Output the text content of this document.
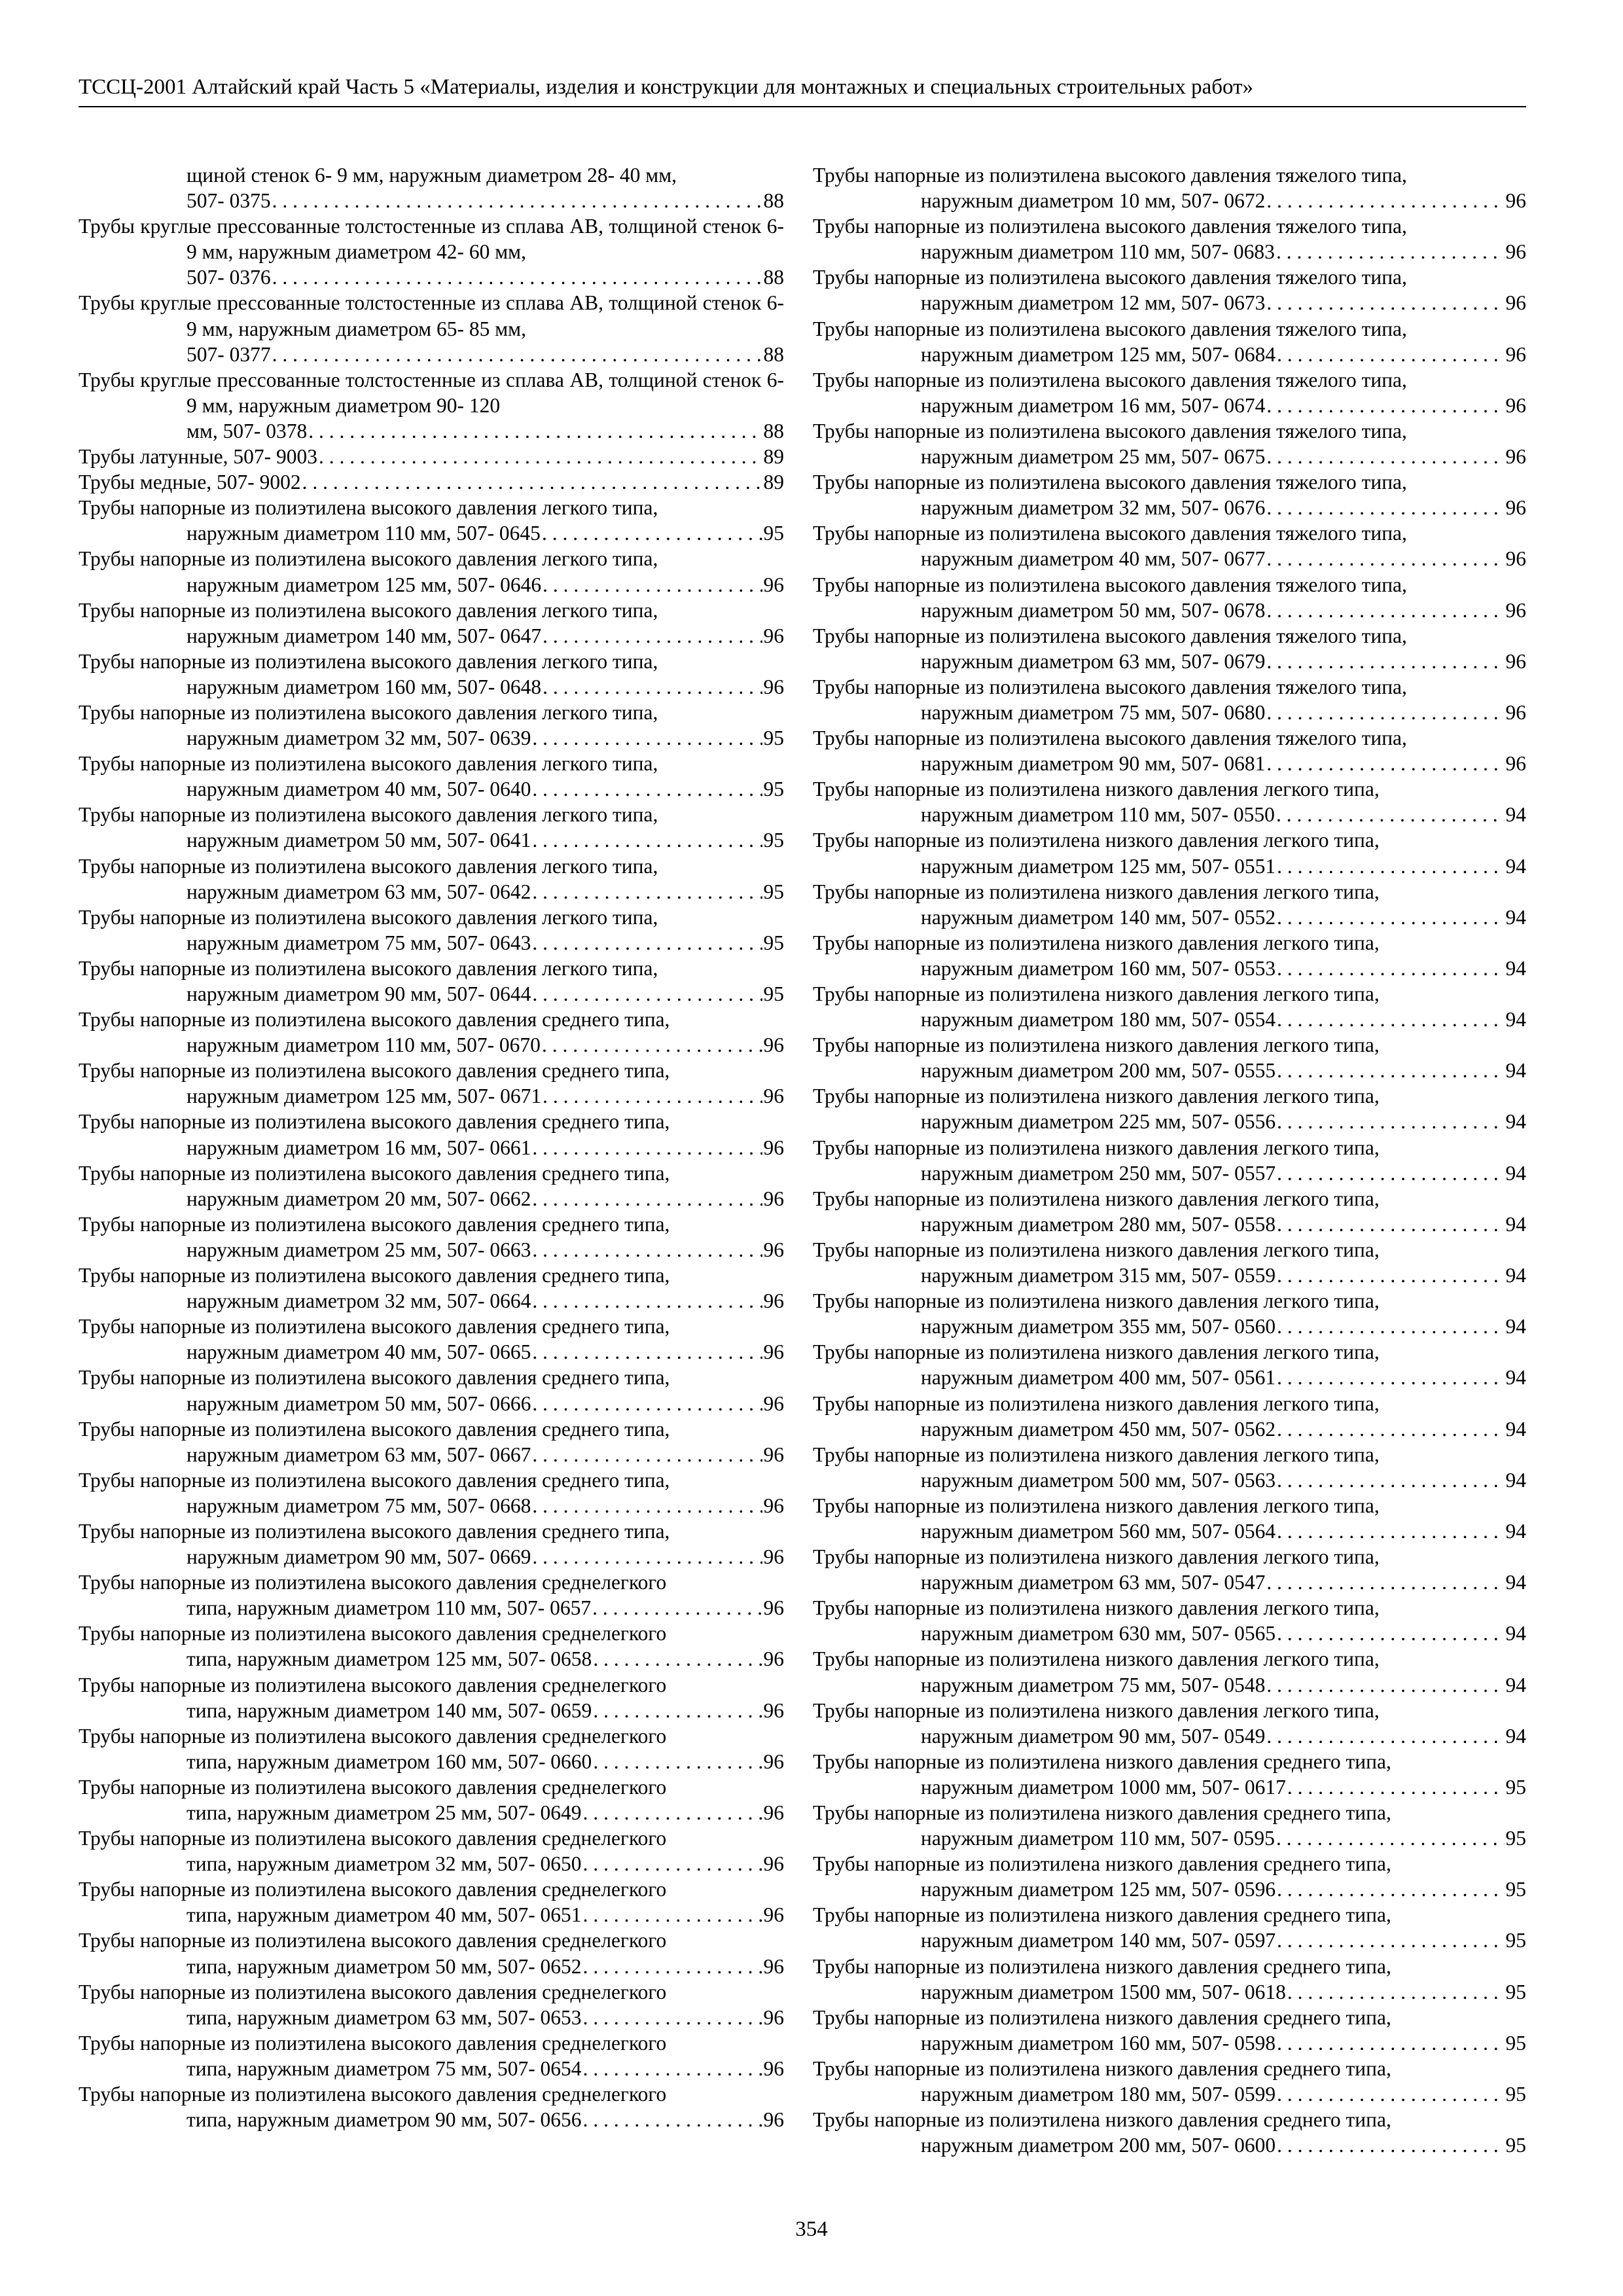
ТССЦ-2001 Алтайский край Часть 5 «Материалы, изделия и конструкции для монтажных и специальных строительных работ»
щиной стенок 6- 9 мм, наружным диаметром 28- 40 мм,
507- 0375 . . .	88
Трубы круглые прессованные толстостенные из сплава АВ, толщиной стенок 6- 9 мм, наружным диаметром 42- 60 мм,
507- 0376 . . .	88
Трубы круглые прессованные толстостенные из сплава АВ, толщиной стенок 6- 9 мм, наружным диаметром 65- 85 мм,
507- 0377 . . .	88
Трубы круглые прессованные толстостенные из сплава АВ, толщиной стенок 6- 9 мм, наружным диаметром 90- 120
мм, 507- 0378 . . .	88
Трубы латунные, 507- 9003 . . .	89
Трубы медные, 507- 9002 . . .	89
Трубы напорные из полиэтилена высокого давления легкого типа,
наружным диаметром 110 мм, 507- 0645 . . .	95
Трубы напорные из полиэтилена высокого давления легкого типа,
наружным диаметром 125 мм, 507- 0646 . . .	96
Трубы напорные из полиэтилена высокого давления легкого типа,
наружным диаметром 140 мм, 507- 0647 . . .	96
Трубы напорные из полиэтилена высокого давления легкого типа,
наружным диаметром 160 мм, 507- 0648 . . .	96
Трубы напорные из полиэтилена высокого давления легкого типа,
наружным диаметром 32 мм, 507- 0639 . . .	95
Трубы напорные из полиэтилена высокого давления легкого типа,
наружным диаметром 40 мм, 507- 0640 . . .	95
Трубы напорные из полиэтилена высокого давления легкого типа,
наружным диаметром 50 мм, 507- 0641 . . .	95
Трубы напорные из полиэтилена высокого давления легкого типа,
наружным диаметром 63 мм, 507- 0642 . . .	95
Трубы напорные из полиэтилена высокого давления легкого типа,
наружным диаметром 75 мм, 507- 0643 . . .	95
Трубы напорные из полиэтилена высокого давления легкого типа,
наружным диаметром 90 мм, 507- 0644 . . .	95
Трубы напорные из полиэтилена высокого давления среднего типа,
наружным диаметром 110 мм, 507- 0670 . . .	96
Трубы напорные из полиэтилена высокого давления среднего типа,
наружным диаметром 125 мм, 507- 0671 . . .	96
Трубы напорные из полиэтилена высокого давления среднего типа,
наружным диаметром 16 мм, 507- 0661 . . .	96
Трубы напорные из полиэтилена высокого давления среднего типа,
наружным диаметром 20 мм, 507- 0662 . . .	96
Трубы напорные из полиэтилена высокого давления среднего типа,
наружным диаметром 25 мм, 507- 0663 . . .	96
Трубы напорные из полиэтилена высокого давления среднего типа,
наружным диаметром 32 мм, 507- 0664 . . .	96
Трубы напорные из полиэтилена высокого давления среднего типа,
наружным диаметром 40 мм, 507- 0665 . . .	96
Трубы напорные из полиэтилена высокого давления среднего типа,
наружным диаметром 50 мм, 507- 0666 . . .	96
Трубы напорные из полиэтилена высокого давления среднего типа,
наружным диаметром 63 мм, 507- 0667 . . .	96
Трубы напорные из полиэтилена высокого давления среднего типа,
наружным диаметром 75 мм, 507- 0668 . . .	96
Трубы напорные из полиэтилена высокого давления среднего типа,
наружным диаметром 90 мм, 507- 0669 . . .	96
Трубы напорные из полиэтилена высокого давления среднелегкого
типа, наружным диаметром 110 мм, 507- 0657 . . .	96
Трубы напорные из полиэтилена высокого давления среднелегкого
типа, наружным диаметром 125 мм, 507- 0658 . . .	96
Трубы напорные из полиэтилена высокого давления среднелегкого
типа, наружным диаметром 140 мм, 507- 0659 . . .	96
Трубы напорные из полиэтилена высокого давления среднелегкого
типа, наружным диаметром 160 мм, 507- 0660 . . .	96
Трубы напорные из полиэтилена высокого давления среднелегкого
типа, наружным диаметром 25 мм, 507- 0649 . . .	96
Трубы напорные из полиэтилена высокого давления среднелегкого
типа, наружным диаметром 32 мм, 507- 0650 . . .	96
Трубы напорные из полиэтилена высокого давления среднелегкого
типа, наружным диаметром 40 мм, 507- 0651 . . .	96
Трубы напорные из полиэтилена высокого давления среднелегкого
типа, наружным диаметром 50 мм, 507- 0652 . . .	96
Трубы напорные из полиэтилена высокого давления среднелегкого
типа, наружным диаметром 63 мм, 507- 0653 . . .	96
Трубы напорные из полиэтилена высокого давления среднелегкого
типа, наружным диаметром 75 мм, 507- 0654 . . .	96
Трубы напорные из полиэтилена высокого давления среднелегкого
типа, наружным диаметром 90 мм, 507- 0656 . . .	96
Трубы напорные из полиэтилена высокого давления тяжелого типа,
наружным диаметром 10 мм, 507- 0672 . . .	96
Трубы напорные из полиэтилена высокого давления тяжелого типа,
наружным диаметром 110 мм, 507- 0683 . . .	96
Трубы напорные из полиэтилена высокого давления тяжелого типа,
наружным диаметром 12 мм, 507- 0673 . . .	96
Трубы напорные из полиэтилена высокого давления тяжелого типа,
наружным диаметром 125 мм, 507- 0684 . . .	96
Трубы напорные из полиэтилена высокого давления тяжелого типа,
наружным диаметром 16 мм, 507- 0674 . . .	96
Трубы напорные из полиэтилена высокого давления тяжелого типа,
наружным диаметром 25 мм, 507- 0675 . . .	96
Трубы напорные из полиэтилена высокого давления тяжелого типа,
наружным диаметром 32 мм, 507- 0676 . . .	96
Трубы напорные из полиэтилена высокого давления тяжелого типа,
наружным диаметром 40 мм, 507- 0677 . . .	96
Трубы напорные из полиэтилена высокого давления тяжелого типа,
наружным диаметром 50 мм, 507- 0678 . . .	96
Трубы напорные из полиэтилена высокого давления тяжелого типа,
наружным диаметром 63 мм, 507- 0679 . . .	96
Трубы напорные из полиэтилена высокого давления тяжелого типа,
наружным диаметром 75 мм, 507- 0680 . . .	96
Трубы напорные из полиэтилена высокого давления тяжелого типа,
наружным диаметром 90 мм, 507- 0681 . . .	96
Трубы напорные из полиэтилена низкого давления легкого типа,
наружным диаметром 110 мм, 507- 0550 . . .	94
Трубы напорные из полиэтилена низкого давления легкого типа,
наружным диаметром 125 мм, 507- 0551 . . .	94
Трубы напорные из полиэтилена низкого давления легкого типа,
наружным диаметром 140 мм, 507- 0552 . . .	94
Трубы напорные из полиэтилена низкого давления легкого типа,
наружным диаметром 160 мм, 507- 0553 . . .	94
Трубы напорные из полиэтилена низкого давления легкого типа,
наружным диаметром 180 мм, 507- 0554 . . .	94
Трубы напорные из полиэтилена низкого давления легкого типа,
наружным диаметром 200 мм, 507- 0555 . . .	94
Трубы напорные из полиэтилена низкого давления легкого типа,
наружным диаметром 225 мм, 507- 0556 . . .	94
Трубы напорные из полиэтилена низкого давления легкого типа,
наружным диаметром 250 мм, 507- 0557 . . .	94
Трубы напорные из полиэтилена низкого давления легкого типа,
наружным диаметром 280 мм, 507- 0558 . . .	94
Трубы напорные из полиэтилена низкого давления легкого типа,
наружным диаметром 315 мм, 507- 0559 . . .	94
Трубы напорные из полиэтилена низкого давления легкого типа,
наружным диаметром 355 мм, 507- 0560 . . .	94
Трубы напорные из полиэтилена низкого давления легкого типа,
наружным диаметром 400 мм, 507- 0561 . . .	94
Трубы напорные из полиэтилена низкого давления легкого типа,
наружным диаметром 450 мм, 507- 0562 . . .	94
Трубы напорные из полиэтилена низкого давления легкого типа,
наружным диаметром 500 мм, 507- 0563 . . .	94
Трубы напорные из полиэтилена низкого давления легкого типа,
наружным диаметром 560 мм, 507- 0564 . . .	94
Трубы напорные из полиэтилена низкого давления легкого типа,
наружным диаметром 63 мм, 507- 0547 . . .	94
Трубы напорные из полиэтилена низкого давления легкого типа,
наружным диаметром 630 мм, 507- 0565 . . .	94
Трубы напорные из полиэтилена низкого давления легкого типа,
наружным диаметром 75 мм, 507- 0548 . . .	94
Трубы напорные из полиэтилена низкого давления легкого типа,
наружным диаметром 90 мм, 507- 0549 . . .	94
Трубы напорные из полиэтилена низкого давления среднего типа,
наружным диаметром 1000 мм, 507- 0617 . . .	95
Трубы напорные из полиэтилена низкого давления среднего типа,
наружным диаметром 110 мм, 507- 0595 . . .	95
Трубы напорные из полиэтилена низкого давления среднего типа,
наружным диаметром 125 мм, 507- 0596 . . .	95
Трубы напорные из полиэтилена низкого давления среднего типа,
наружным диаметром 140 мм, 507- 0597 . . .	95
Трубы напорные из полиэтилена низкого давления среднего типа,
наружным диаметром 1500 мм, 507- 0618 . . .	95
Трубы напорные из полиэтилена низкого давления среднего типа,
наружным диаметром 160 мм, 507- 0598 . . .	95
Трубы напорные из полиэтилена низкого давления среднего типа,
наружным диаметром 180 мм, 507- 0599 . . .	95
Трубы напорные из полиэтилена низкого давления среднего типа,
наружным диаметром 200 мм, 507- 0600 . . .	95
354
